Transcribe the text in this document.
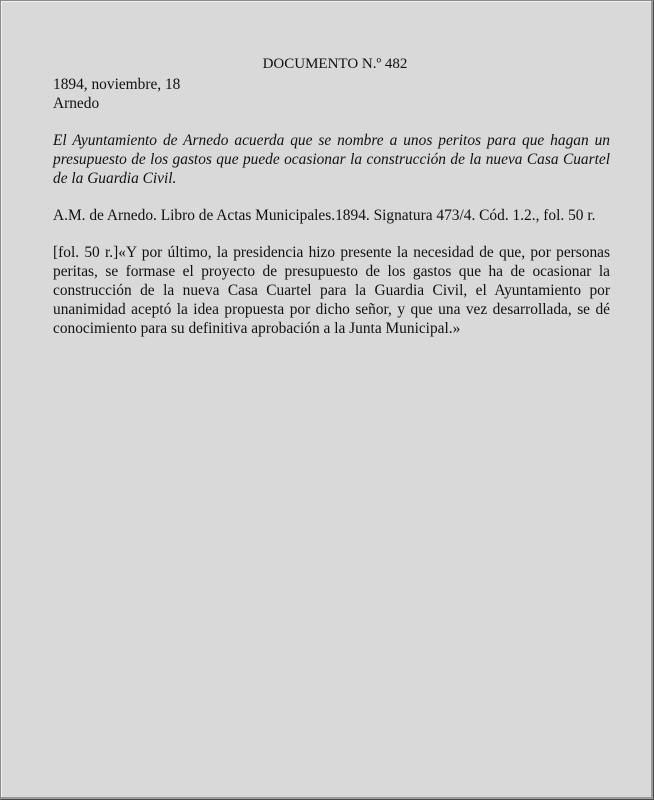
DOCUMENTO N.º 482

1894, noviembre, 18

Arnedo

El Ayuntamiento de Arnedo acuerda que se nombre a unos peritos para que hagan un presupuesto de los gastos que puede ocasionar la construcción de la nueva Casa Cuartel de la Guardia Civil.

A.M. de Arnedo. Libro de Actas Municipales.1894. Signatura 473/4. Cód. 1.2., fol. 50 r.

[fol. 50 r.]«Y por último, la presidencia hizo presente la necesidad de que, por personas peritas, se formase el proyecto de presupuesto de los gastos que ha de ocasionar la construcción de la nueva Casa Cuartel para la Guardia Civil, el Ayuntamiento por unanimidad aceptó la idea propuesta por dicho señor, y que una vez desarrollada, se dé conocimiento para su definitiva aprobación a la Junta Municipal.»
